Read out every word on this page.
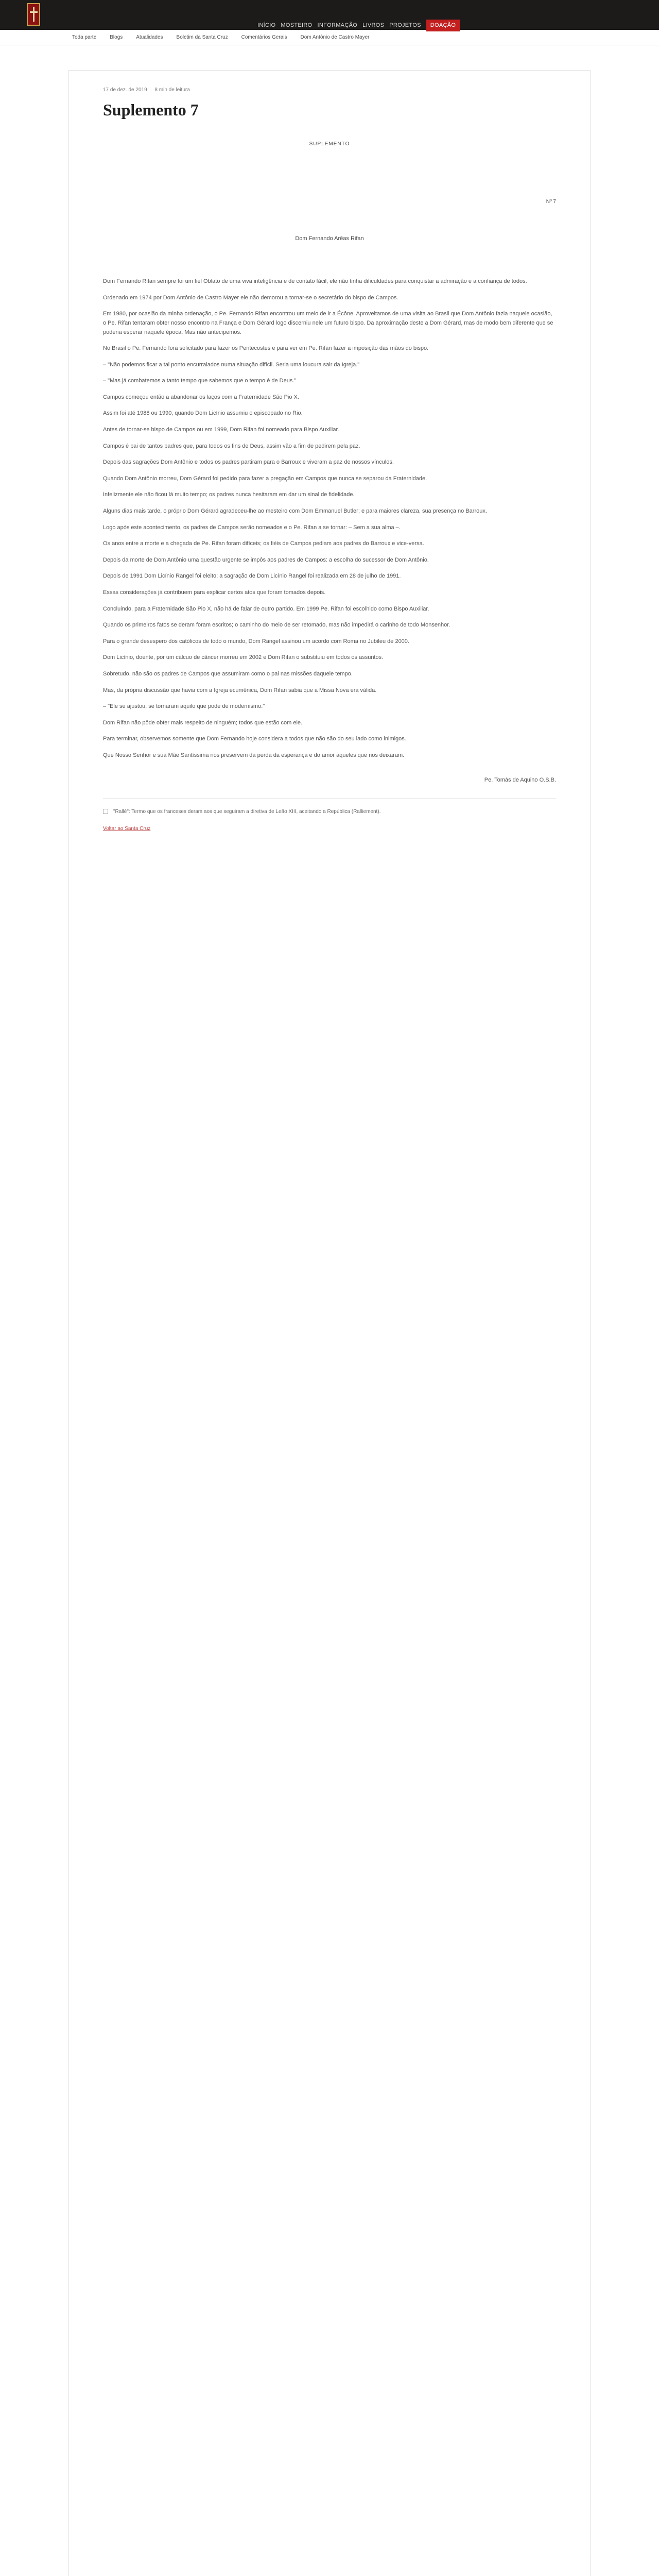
INÍCIO MOSTEIRO INFORMAÇÃO LIVROS PROJETOS	DOAÇÃO
Toda parte	Blogs	Atualidades	Boletim da Santa Cruz	Comentários Gerais	Dom Antônio de Castro Mayer
17 de dez. de 2019 8 min de leitura
Suplemento 7
SUPLEMENTO
Nº 7
Dom Fernando Arêas Rifan

Dom Fernando Rifan sempre foi um fiel Oblato de uma viva inteligência e de contato fácil, ele não tinha dificuldades para conquistar a admiração e a confiança de todos.

Ordenado em 1974 por Dom Antônio de Castro Mayer ele não demorou a tornar-se o secretário do bispo de Campos.

Em 1980, por ocasião da minha ordenação, o Pe. Fernando Rifan encontrou um meio de ir a Écône. Aproveitamos de uma visita ao Brasil que Dom Antônio fazia naquele ocasião, o Pe. Rifan tentaram obter nosso encontro na França e Dom Gérard logo discerniu nele um futuro bispo. Da aproximação deste a Dom Gérard, mas de modo bem diferente que se poderia esperar naquele época. Mas não antecipemos.

No Brasil o Pe. Fernando fora solicitado para fazer os Pentecostes e para ver em Pe. Rifan fazer a imposição das mãos do bispo.

– "Não podemos ficar a tal ponto encurralados numa situação difícil. Seria uma loucura sair da Igreja."

– "Mas já combatemos a tanto tempo que sabemos que o tempo é de Deus."

Campos começou então a abandonar os laços com a Fraternidade São Pio X.

Assim foi até 1988 ou 1990, quando Dom Licínio assumiu o episcopado no Rio.

Antes de tornar-se bispo de Campos ou em 1999, Dom Rifan foi nomeado para Bispo Auxiliar.

Campos é pai de tantos padres que, para todos os fins de Deus, assim vão a fim de pedirem pela paz.

Depois das sagrações Dom Antônio e todos os padres partiram para o Barroux e viveram a paz de nossos vínculos.

Quando Dom Antônio morreu, Dom Gérard foi pedido para fazer a pregação em Campos que nunca se separou da Fraternidade.

Infelizmente ele não ficou lá muito tempo; os padres nunca hesitaram em dar um sinal de fidelidade.

Alguns dias mais tarde, o próprio Dom Gérard agradeceu-lhe ao mesteiro com Dom Emmanuel Butler; e para maiores clareza, sua presença no Barroux.

Logo após este acontecimento, os padres de Campos serão nomeados e o Pe. Rifan a se tornar: – Sem a sua alma –.

Os anos entre a morte e a chegada de Pe. Rifan foram difíceis; os fiéis de Campos pediam aos padres do Barroux e vice-versa.

Depois da morte de Dom Antônio uma questão urgente se impôs aos padres de Campos: a escolha do sucessor de Dom Antônio.

Depois de 1991 Dom Licínio Rangel foi eleito; a sagração de Dom Licínio Rangel foi realizada em 28 de julho de 1991.

Essas considerações já contribuem para explicar certos atos que foram tomados depois.

Concluindo, para a Fraternidade São Pio X, não há de falar de outro partido. Em 1999 Pe. Rifan foi escolhido como Bispo Auxiliar.

Quando os primeiros fatos se deram foram escritos; o caminho do meio de ser retomado, mas não impedirá o carinho de todo Monsenhor.

Para o grande desespero dos católicos de todo o mundo, Dom Rangel assinou um acordo com Roma no Jubileu de 2000.

Dom Licínio, doente, por um cálcuo de câncer morreu em 2002 e Dom Rifan o substituiu em todos os assuntos.

Sobretudo, não são os padres de Campos que assumiram como o pai nas missões daquele tempo.

Mas, da própria discussão que havia com a Igreja ecumênica, Dom Rifan sabia que a Missa Nova era válida.

– "Ele se ajustou, se tornaram aquilo que pode de modernismo."

Dom Rifan não pôde obter mais respeito de ninguém; todos que estão com ele.

Para terminar, observemos somente que Dom Fernando hoje considera a todos que não são do seu lado como inimigos.

Que Nosso Senhor e sua Mãe Santíssima nos preservem da perda da esperança e do amor àqueles que nos deixaram.

Pe. Tomás de Aquino O.S.B.

"Rallé": Termo que os franceses deram aos que seguiram a diretiva de Leão XIII, aceitando a República (Ralliement).

Voltar ao Santa Cruz
